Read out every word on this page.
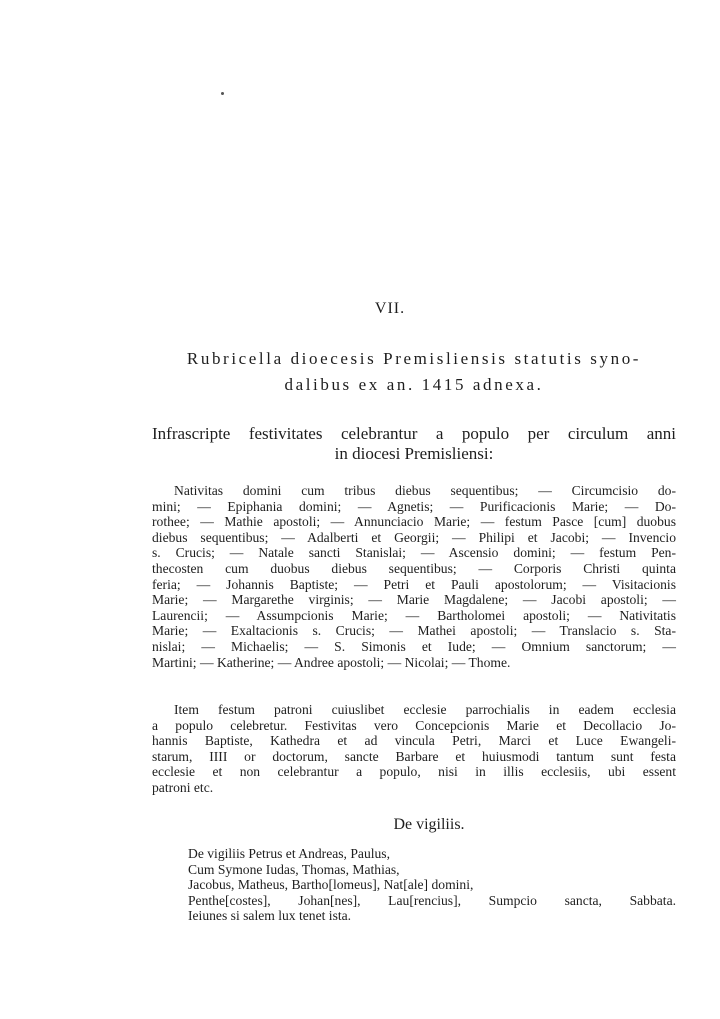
VII.
Rubricella dioecesis Premisliensis statutis syno-
dalibus ex an. 1415 adnexa.
Infrascripte festivitates celebrantur a populo per circulum anni
in diocesi Premisliensi:
Nativitas domini cum tribus diebus sequentibus; — Circumcisio do-
mini; — Epiphania domini; — Agnetis; — Purificacionis Marie; — Do-
rothee; — Mathie apostoli; — Annunciacio Marie; — festum Pasce [cum] duobus
diebus sequentibus; — Adalberti et Georgii; — Philipi et Jacobi; — Invencio
s. Crucis; — Natale sancti Stanislai; — Ascensio domini; — festum Pen-
thecosten cum duobus diebus sequentibus; — Corporis Christi quinta
feria; — Johannis Baptiste; — Petri et Pauli apostolorum; — Visitacionis
Marie; — Margarethe virginis; — Marie Magdalene; — Jacobi apostoli; —
Laurencii; — Assumpcionis Marie; — Bartholomei apostoli; — Nativitatis
Marie; — Exaltacionis s. Crucis; — Mathei apostoli; — Translacio s. Sta-
nislai; — Michaelis; — S. Simonis et Iude; — Omnium sanctorum; —
Martini; — Katherine; — Andree apostoli; — Nicolai; — Thome.
Item festum patroni cuiuslibet ecclesie parrochialis in eadem ecclesia
a populo celebretur. Festivitas vero Concepcionis Marie et Decollacio Jo-
hannis Baptiste, Kathedra et ad vincula Petri, Marci et Luce Ewangeli-
starum, IIII or doctorum, sancte Barbare et huiusmodi tantum sunt festa
ecclesie et non celebrantur a populo, nisi in illis ecclesiis, ubi essent
patroni etc.
De vigiliis.
De vigiliis Petrus et Andreas, Paulus,
Cum Symone Iudas, Thomas, Mathias,
Jacobus, Matheus, Bartho[lomeus], Nat[ale] domini,
Penthe[costes], Johan[nes], Lau[rencius], Sumpcio sancta, Sabbata.
Ieiunes si salem lux tenet ista.
